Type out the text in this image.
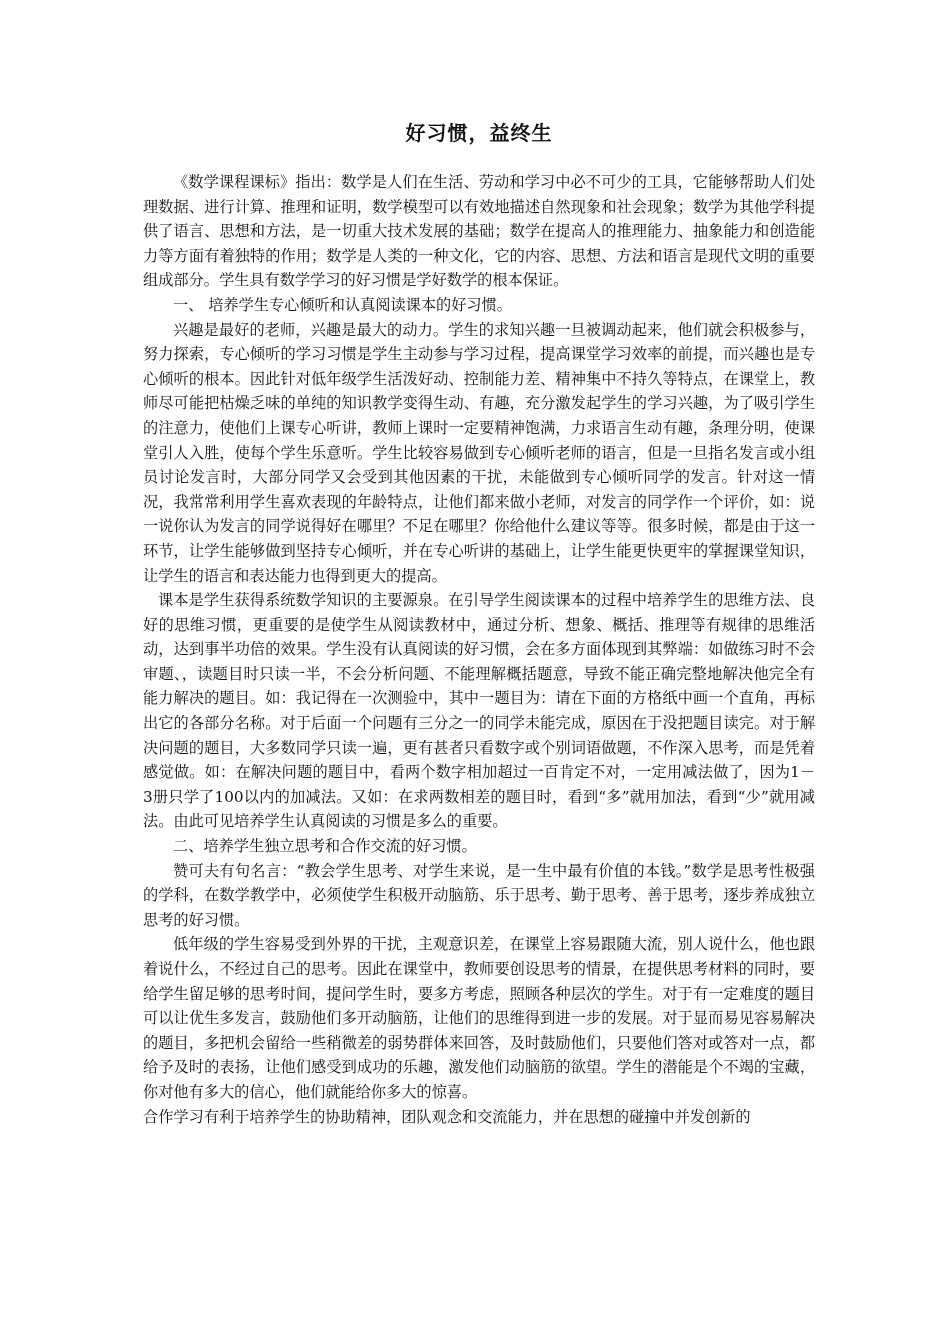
好习惯，益终生

《数学课程课标》指出：数学是人们在生活、劳动和学习中必不可少的工具，它能够帮助人们处理数据、进行计算、推理和证明，数学模型可以有效地描述自然现象和社会现象；数学为其他学科提供了语言、思想和方法，是一切重大技术发展的基础；数学在提高人的推理能力、抽象能力和创造能力等方面有着独特的作用；数学是人类的一种文化，它的内容、思想、方法和语言是现代文明的重要组成部分。学生具有数学学习的好习惯是学好数学的根本保证。

一、 培养学生专心倾听和认真阅读课本的好习惯。

兴趣是最好的老师，兴趣是最大的动力。学生的求知兴趣一旦被调动起来，他们就会积极参与，努力探索，专心倾听的学习习惯是学生主动参与学习过程，提高课堂学习效率的前提，而兴趣也是专心倾听的根本。因此针对低年级学生活泼好动、控制能力差、精神集中不持久等特点，在课堂上，教师尽可能把枯燥乏味的单纯的知识教学变得生动、有趣，充分激发起学生的学习兴趣，为了吸引学生的注意力，使他们上课专心听讲，教师上课时一定要精神饱满，力求语言生动有趣，条理分明，使课堂引人入胜，使每个学生乐意听。学生比较容易做到专心倾听老师的语言，但是一旦指名发言或小组员讨论发言时，大部分同学又会受到其他因素的干扰，未能做到专心倾听同学的发言。针对这一情况，我常常利用学生喜欢表现的年龄特点，让他们都来做小老师，对发言的同学作一个评价，如：说一说你认为发言的同学说得好在哪里？不足在哪里？你给他什么建议等等。很多时候，都是由于这一环节，让学生能够做到坚持专心倾听，并在专心听讲的基础上，让学生能更快更牢的掌握课堂知识，让学生的语言和表达能力也得到更大的提高。

课本是学生获得系统数学知识的主要源泉。在引导学生阅读课本的过程中培养学生的思维方法、良好的思维习惯，更重要的是使学生从阅读教材中，通过分析、想象、概括、推理等有规律的思维活动，达到事半功倍的效果。学生没有认真阅读的好习惯，会在多方面体现到其弊端：如做练习时不会审题、，读题目时只读一半，不会分析问题、不能理解概括题意，导致不能正确完整地解决他完全有能力解决的题目。如：我记得在一次测验中，其中一题目为：请在下面的方格纸中画一个直角，再标出它的各部分名称。对于后面一个问题有三分之一的同学未能完成，原因在于没把题目读完。对于解决问题的题目，大多数同学只读一遍，更有甚者只看数字或个别词语做题，不作深入思考，而是凭着感觉做。如：在解决问题的题目中，看两个数字相加超过一百肯定不对，一定用减法做了，因为1－3册只学了100以内的加减法。又如：在求两数相差的题目时，看到“多”就用加法，看到“少”就用减法。由此可见培养学生认真阅读的习惯是多么的重要。

二、培养学生独立思考和合作交流的好习惯。

赞可夫有句名言：“教会学生思考、对学生来说，是一生中最有价值的本钱。”数学是思考性极强的学科，在数学教学中，必须使学生积极开动脑筋、乐于思考、勤于思考、善于思考，逐步养成独立思考的好习惯。

低年级的学生容易受到外界的干扰，主观意识差，在课堂上容易跟随大流，别人说什么，他也跟着说什么，不经过自己的思考。因此在课堂中，教师要创设思考的情景，在提供思考材料的同时，要给学生留足够的思考时间，提问学生时，要多方考虑，照顾各种层次的学生。对于有一定难度的题目可以让优生多发言，鼓励他们多开动脑筋，让他们的思维得到进一步的发展。对于显而易见容易解决的题目，多把机会留给一些稍微差的弱势群体来回答，及时鼓励他们，只要他们答对或答对一点，都给予及时的表扬，让他们感受到成功的乐趣，激发他们动脑筋的欲望。学生的潜能是个不竭的宝藏，你对他有多大的信心，他们就能给你多大的惊喜。

合作学习有利于培养学生的协助精神，团队观念和交流能力，并在思想的碰撞中并发创新的
